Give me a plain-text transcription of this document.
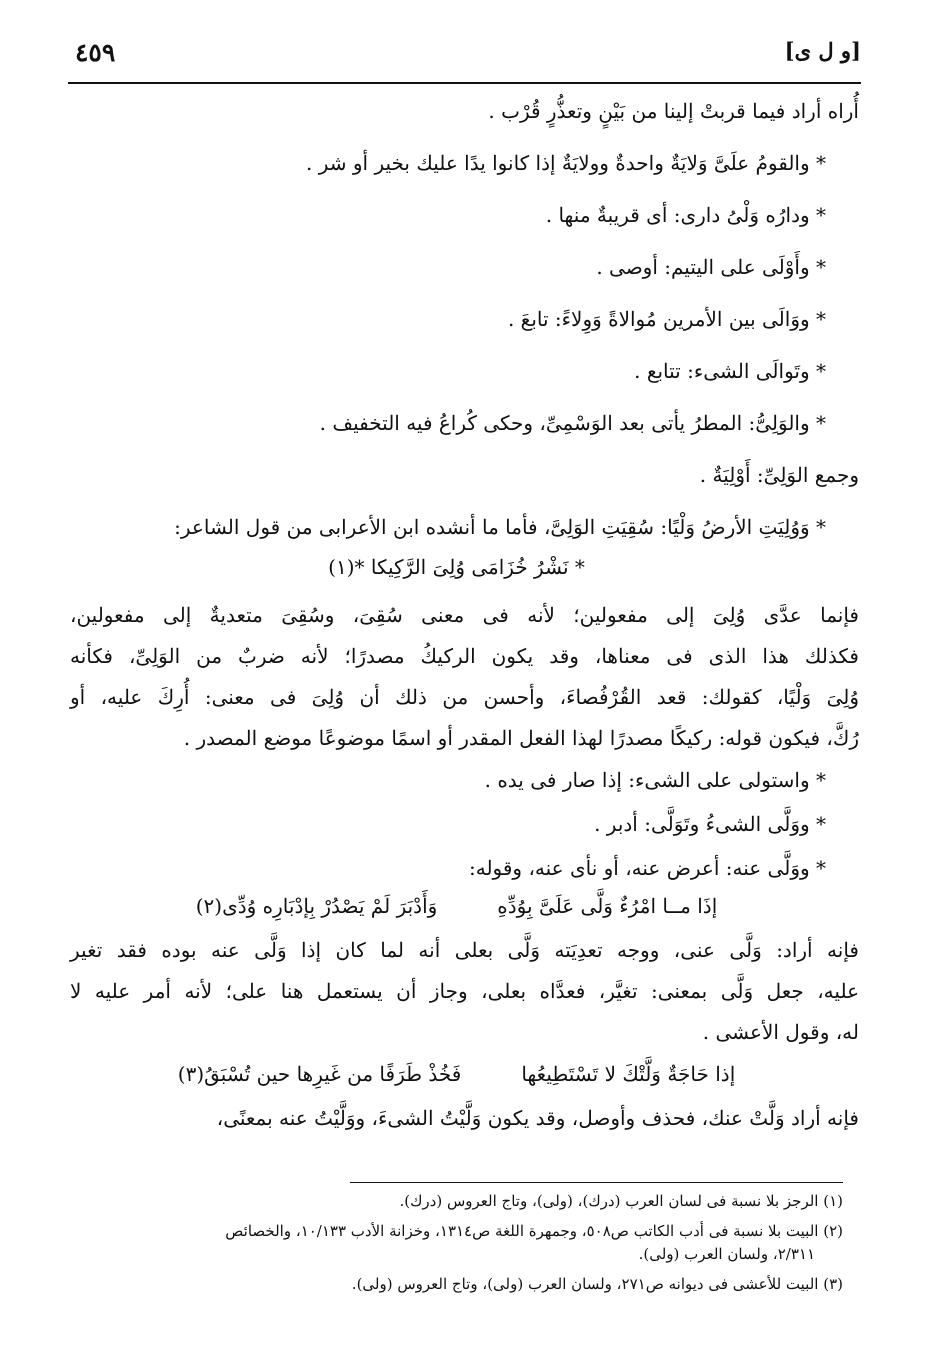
[و ل ى]
٤٥٩
أُراه أراد فيما قربتْ إلينا من بَيْنٍ وتعذُّرٍ قُرْب .
* والقومُ علَىَّ وَلايَةٌ واحدةٌ وولايَةٌ إذا كانوا يدًا عليك بخير أو شر .
* ودارُه وَلْىُ دارى: أى قريبةٌ منها .
* وأَوْلَى على اليتيم: أوصى .
* ووَالَى بين الأمرين مُوالاةً وَوِلاءً: تابعَ .
* وتَوالَى الشىء: تتابع .
* والوَلِىُّ: المطرُ يأتى بعد الوَسْمِىِّ، وحكى كُراعُ فيه التخفيف .
وجمع الوَلِىِّ: أَوْلِيَةٌ .
* وَوُلِيَتِ الأرضُ وَلْيًا: سُقِيَتِ الوَلِىَّ، فأما ما أنشده ابن الأعرابى من قول الشاعر:
* نَشْرُ خُزَامَى وُلِىَ الرَّكِيكا *(١)
فإنما عدَّى وُلِىَ إلى مفعولين؛ لأنه فى معنى سُقِىَ، وسُقِىَ متعديةٌ إلى مفعولين،
فكذلك هذا الذى فى معناها، وقد يكون الركيكُ مصدرًا؛ لأنه ضربٌ من الوَلِىِّ، فكأنه
وُلِىَ وَلْيًا، كقولك: قعد القُرْفُصاءَ، وأحسن من ذلك أن وُلِىَ فى معنى: أُرِكَ عليه، أو
رُكَّ، فيكون قوله: ركيكًا مصدرًا لهذا الفعل المقدر أو اسمًا موضوعًا موضع المصدر .
* واستولى على الشىء: إذا صار فى يده .
* ووَلَّى الشىءُ وتَوَلَّى: أدبر .
* ووَلَّى عنه: أعرض عنه، أو نأى عنه، وقوله:
إذَا مــا امْرُءٌ وَلَّى عَلَىَّ بِوُدِّهِ
وَأَدْبَرَ لَمْ يَصْدُرْ بِإدْبَارِه وُدِّى(٢)
فإنه أراد: وَلَّى عنى، ووجه تعدِيَته وَلَّى بعلى أنه لما كان إذا وَلَّى عنه بوده فقد تغير
عليه، جعل وَلَّى بمعنى: تغيَّر، فعدَّاه بعلى، وجاز أن يستعمل هنا على؛ لأنه أمر عليه لا
له، وقول الأعشى .
إذا حَاجَةٌ وَلَّتْكَ لا تَسْتَطِيعُها
فَخُذْ طَرَفًا من غَيرِها حين تُسْبَقُ(٣)
فإنه أراد وَلَّتْ عنك، فحذف وأوصل، وقد يكون وَلَّيْتُ الشىءَ، ووَلَّيْتُ عنه بمعنًى،
(١) الرجز بلا نسبة فى لسان العرب (درك)، (ولى)، وتاج العروس (درك).
(٢) البيت بلا نسبة فى أدب الكاتب ص٥٠٨، وجمهرة اللغة ص١٣١٤، وخزانة الأدب ١٠/١٣٣، والخصائص
٢/٣١١، ولسان العرب (ولى).
(٣) البيت للأعشى فى ديوانه ص٢٧١، ولسان العرب (ولى)، وتاج العروس (ولى).
